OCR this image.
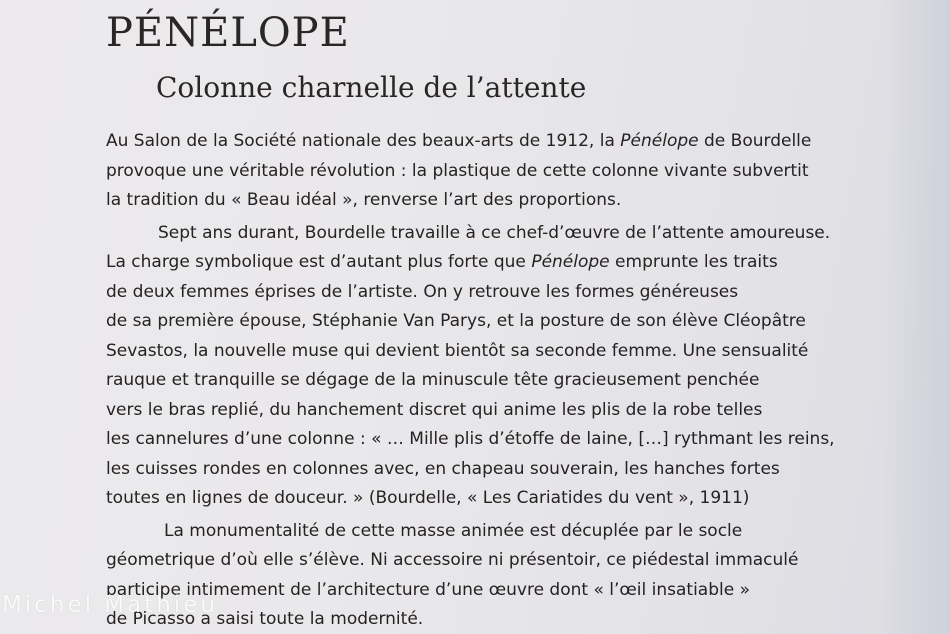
PÉNÉLOPE
Colonne charnelle de l’attente
Au Salon de la Société nationale des beaux-arts de 1912, la Pénélope de Bourdelle
provoque une véritable révolution : la plastique de cette colonne vivante subvertit
la tradition du « Beau idéal », renverse l’art des proportions.
Sept ans durant, Bourdelle travaille à ce chef-d’œuvre de l’attente amoureuse.
La charge symbolique est d’autant plus forte que Pénélope emprunte les traits
de deux femmes éprises de l’artiste. On y retrouve les formes généreuses
de sa première épouse, Stéphanie Van Parys, et la posture de son élève Cléopâtre
Sevastos, la nouvelle muse qui devient bientôt sa seconde femme. Une sensualité
rauque et tranquille se dégage de la minuscule tête gracieusement penchée
vers le bras replié, du hanchement discret qui anime les plis de la robe telles
les cannelures d’une colonne : « … Mille plis d’étoffe de laine, […] rythmant les reins,
les cuisses rondes en colonnes avec, en chapeau souverain, les hanches fortes
toutes en lignes de douceur. » (Bourdelle, « Les Cariatides du vent », 1911)
La monumentalité de cette masse animée est décuplée par le socle
géometrique d’où elle s’élève. Ni accessoire ni présentoir, ce piédestal immaculé
participe intimement de l’architecture d’une œuvre dont « l’œil insatiable »
de Picasso a saisi toute la modernité.
Michel Mathieu
